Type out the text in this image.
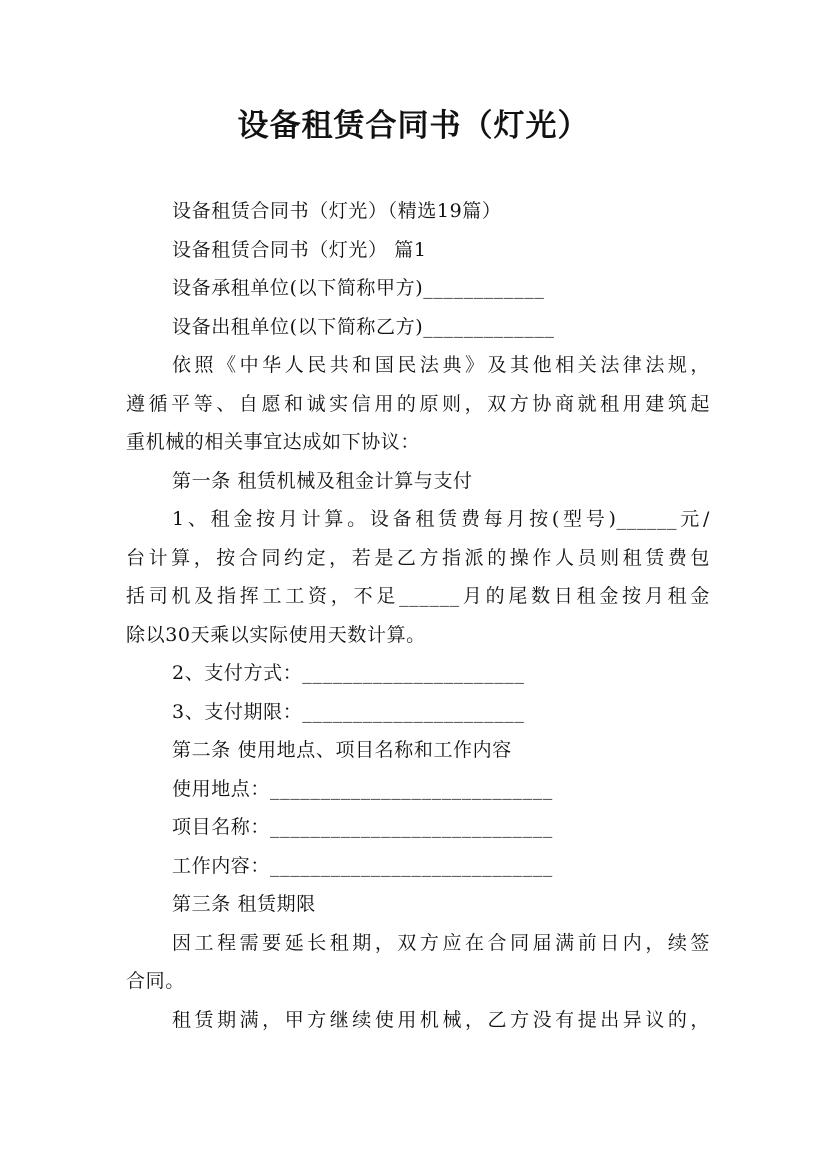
设备租赁合同书（灯光）
设备租赁合同书（灯光）（精选19篇）
设备租赁合同书（灯光） 篇1
设备承租单位(以下简称甲方)____________
设备出租单位(以下简称乙方)_____________
依照《中华人民共和国民法典》及其他相关法律法规，
遵循平等、自愿和诚实信用的原则，双方协商就租用建筑起
重机械的相关事宜达成如下协议：
第一条 租赁机械及租金计算与支付
1、租金按月计算。设备租赁费每月按(型号)______元/
台计算，按合同约定，若是乙方指派的操作人员则租赁费包
括司机及指挥工工资，不足______月的尾数日租金按月租金
除以30天乘以实际使用天数计算。
2、支付方式：______________________
3、支付期限：______________________
第二条 使用地点、项目名称和工作内容
使用地点：____________________________
项目名称：____________________________
工作内容：____________________________
第三条 租赁期限
因工程需要延长租期，双方应在合同届满前日内，续签
合同。
租赁期满，甲方继续使用机械，乙方没有提出异议的，
